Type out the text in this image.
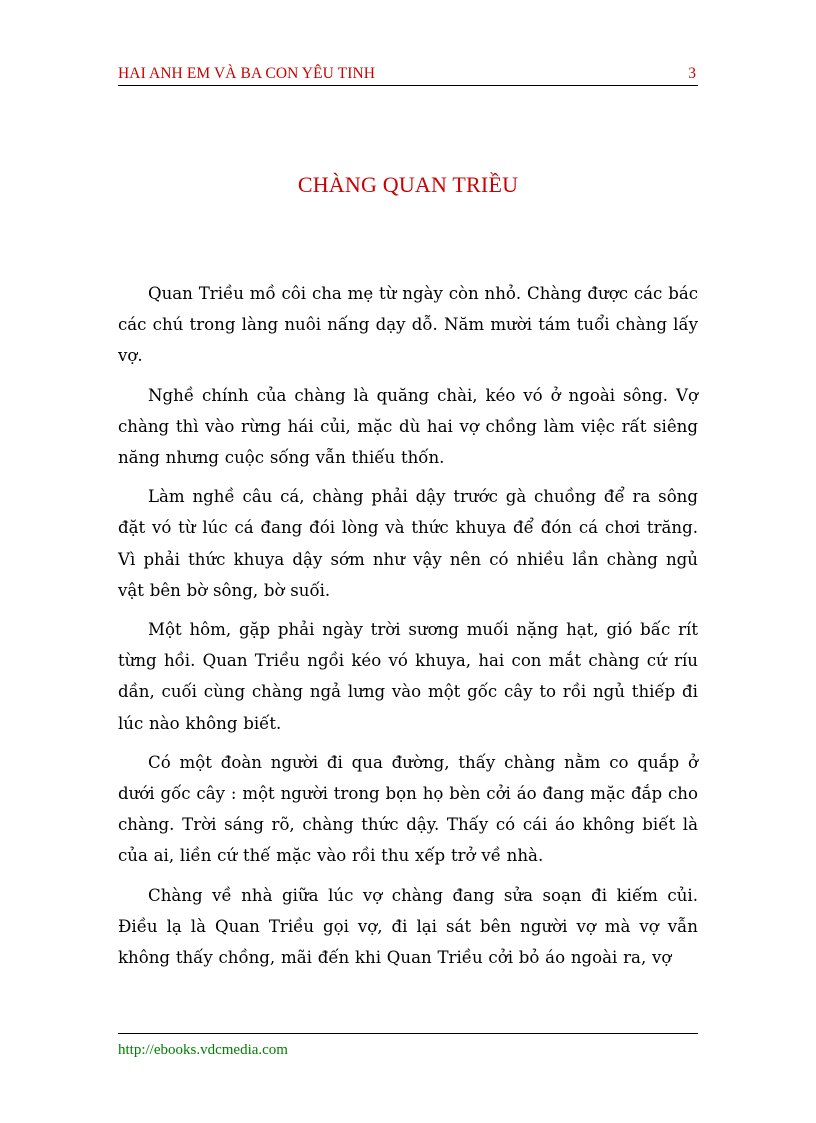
HAI ANH EM VÀ BA CON YÊU TINH	3
CHÀNG QUAN TRIỀU

Quan Triều mồ côi cha mẹ từ ngày còn nhỏ. Chàng được các bác các chú trong làng nuôi nấng dạy dỗ. Năm mười tám tuổi chàng lấy vợ.

Nghề chính của chàng là quăng chài, kéo vó ở ngoài sông. Vợ chàng thì vào rừng hái củi, mặc dù hai vợ chồng làm việc rất siêng năng nhưng cuộc sống vẫn thiếu thốn.

Làm nghề câu cá, chàng phải dậy trước gà chuồng để ra sông đặt vó từ lúc cá đang đói lòng và thức khuya để đón cá chơi trăng. Vì phải thức khuya dậy sớm như vậy nên có nhiều lần chàng ngủ vật bên bờ sông, bờ suối.

Một hôm, gặp phải ngày trời sương muối nặng hạt, gió bấc rít từng hồi. Quan Triều ngồi kéo vó khuya, hai con mắt chàng cứ ríu dần, cuối cùng chàng ngả lưng vào một gốc cây to rồi ngủ thiếp đi lúc nào không biết.

Có một đoàn người đi qua đường, thấy chàng nằm co quắp ở dưới gốc cây : một người trong bọn họ bèn cởi áo đang mặc đắp cho chàng. Trời sáng rõ, chàng thức dậy. Thấy có cái áo không biết là của ai, liền cứ thế mặc vào rồi thu xếp trở về nhà.

Chàng về nhà giữa lúc vợ chàng đang sửa soạn đi kiếm củi. Điều lạ là Quan Triều gọi vợ, đi lại sát bên người vợ mà vợ vẫn không thấy chồng, mãi đến khi Quan Triều cởi bỏ áo ngoài ra, vợ

http://ebooks.vdcmedia.com
